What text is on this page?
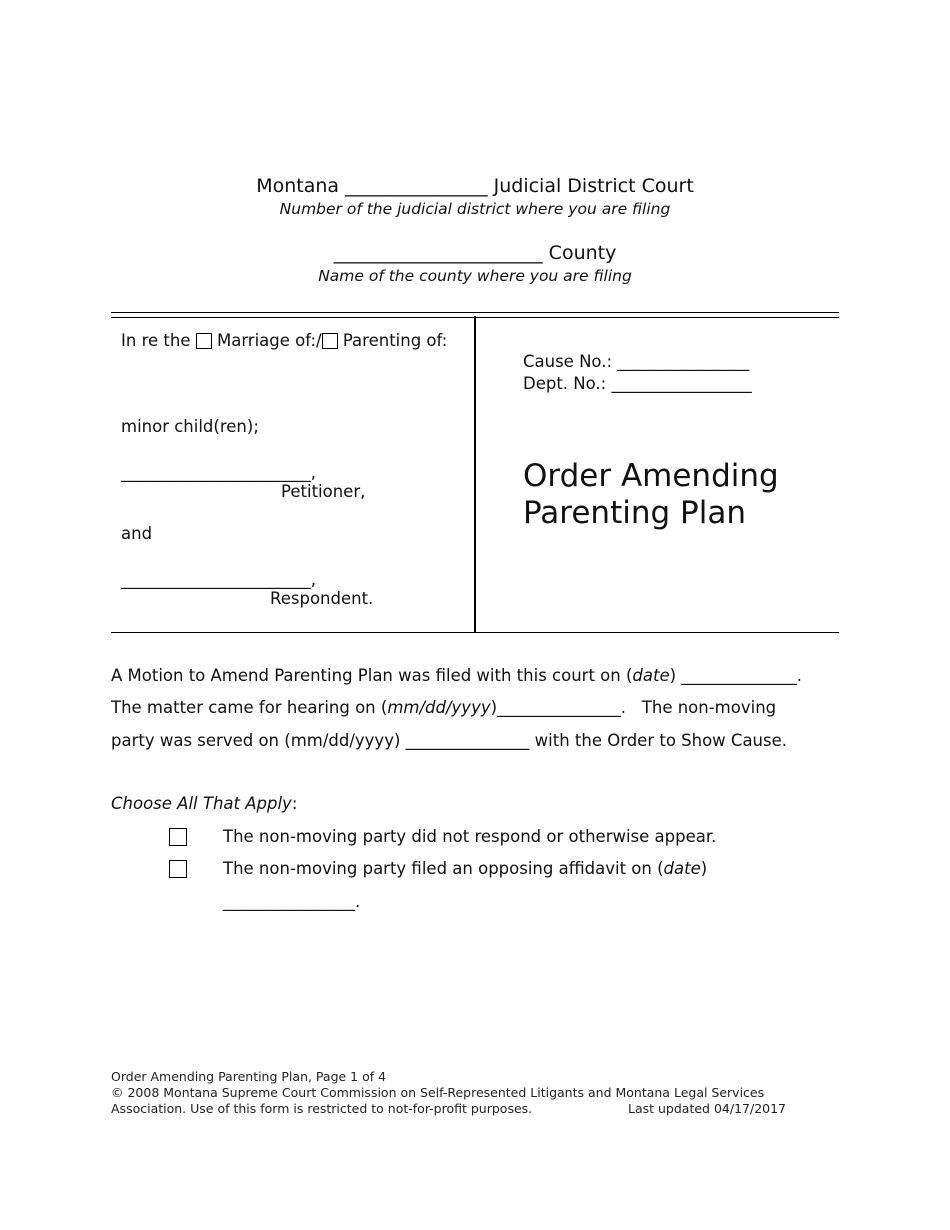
Montana _______________ Judicial District Court
Number of the judicial district where you are filing
______________________ County
Name of the county where you are filing
In re the Marriage of:/ Parenting of:
minor child(ren);
_______________________,
Petitioner,
and
_______________________,
Respondent.
Cause No.: ________________
Dept. No.: _________________
Order Amending
Parenting Plan
A Motion to Amend Parenting Plan was filed with this court on (date) ______________.
The matter came for hearing on (mm/dd/yyyy)_______________.   The non-moving
party was served on (mm/dd/yyyy) _______________ with the Order to Show Cause.
Choose All That Apply:
The non-moving party did not respond or otherwise appear.
The non-moving party filed an opposing affidavit on (date)
________________.
Order Amending Parenting Plan, Page 1 of 4
© 2008 Montana Supreme Court Commission on Self-Represented Litigants and Montana Legal Services
Association. Use of this form is restricted to not-for-profit purposes.	Last updated 04/17/2017
